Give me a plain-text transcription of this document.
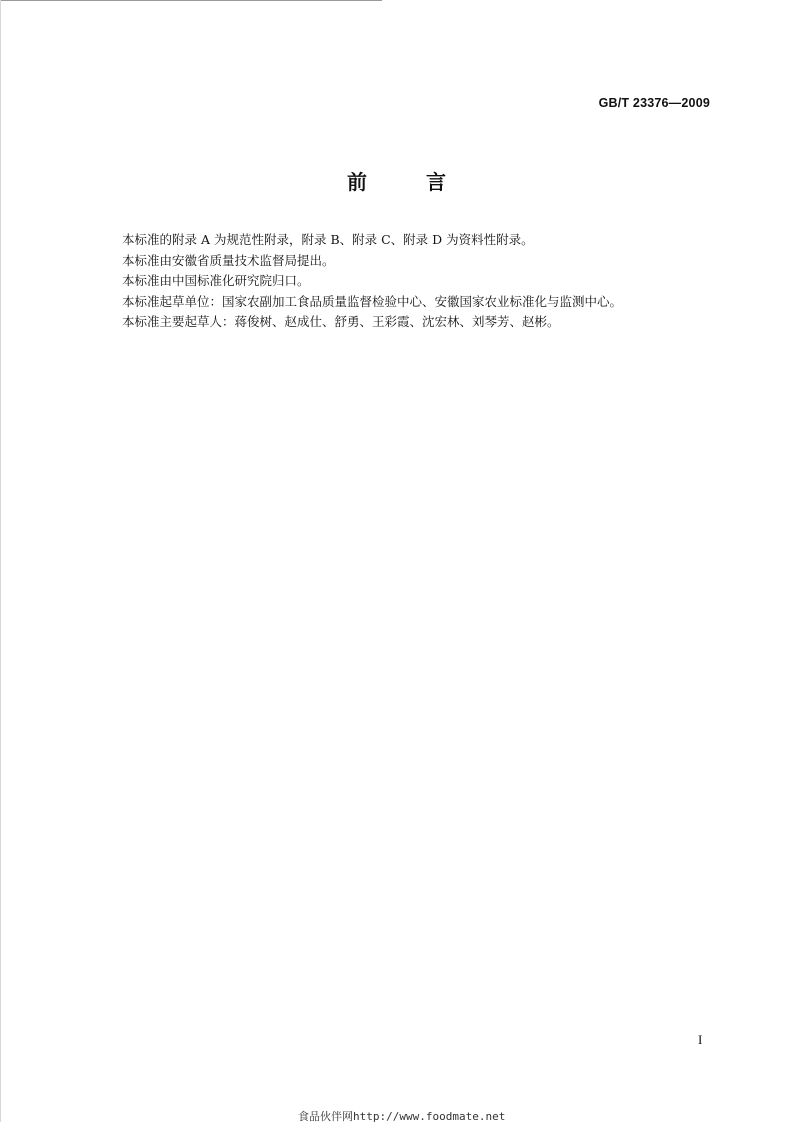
GB/T 23376—2009
前 言

本标准的附录 A 为规范性附录，附录 B、附录 C、附录 D 为资料性附录。

本标准由安徽省质量技术监督局提出。

本标准由中国标准化研究院归口。

本标准起草单位：国家农副加工食品质量监督检验中心、安徽国家农业标准化与监测中心。

本标准主要起草人：蒋俊树、赵成仕、舒勇、王彩霞、沈宏林、刘琴芳、赵彬。

I
食品伙伴网http://www.foodmate.net
